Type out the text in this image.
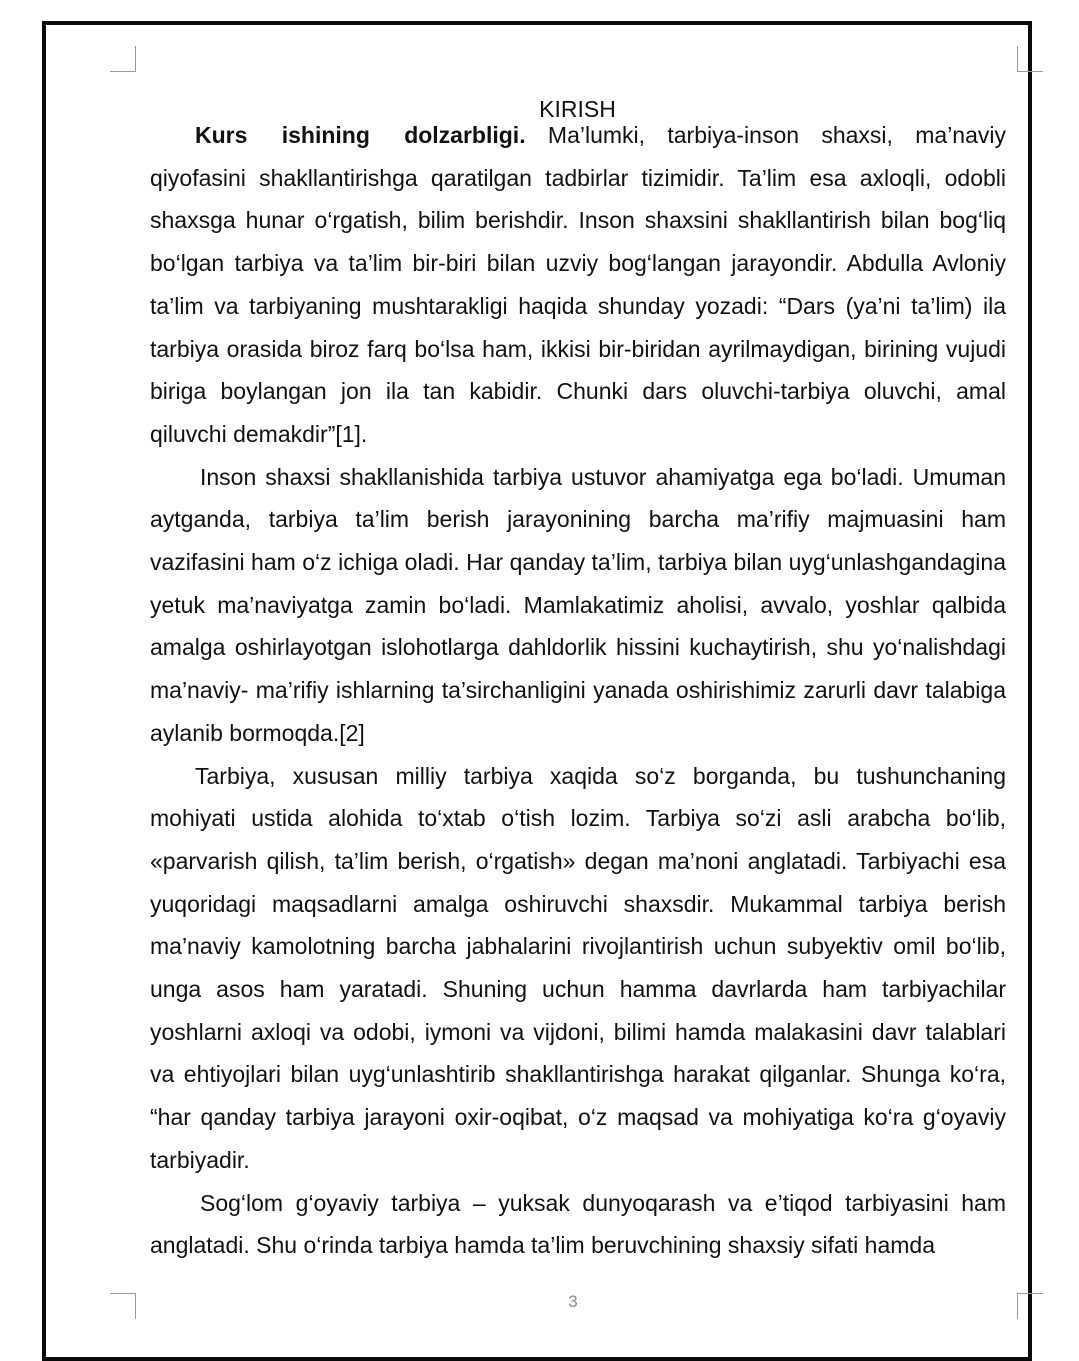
KIRISH

Kurs ishining dolzarbligi. Ma’lumki, tarbiya-inson shaxsi, ma’naviy qiyofasini shakllantirishga qaratilgan tadbirlar tizimidir. Ta’lim esa axloqli, odobli shaxsga hunar o‘rgatish, bilim berishdir. Inson shaxsini shakllantirish bilan bog‘liq bo‘lgan tarbiya va ta’lim bir-biri bilan uzviy bog‘langan jarayondir. Abdulla Avloniy ta’lim va tarbiyaning mushtarakligi haqida shunday yozadi: “Dars (ya’ni ta’lim) ila tarbiya orasida biroz farq bo‘lsa ham, ikkisi bir-biridan ayrilmaydigan, birining vujudi biriga boylangan jon ila tan kabidir. Chunki dars oluvchi-tarbiya oluvchi, amal qiluvchi demakdir”[1].

Inson shaxsi shakllanishida tarbiya ustuvor ahamiyatga ega bo‘ladi. Umuman aytganda, tarbiya ta’lim berish jarayonining barcha ma’rifiy majmuasini ham vazifasini ham o‘z ichiga oladi. Har qanday ta’lim, tarbiya bilan uyg‘unlashgandagina yetuk ma’naviyatga zamin bo‘ladi. Mamlakatimiz aholisi, avvalo, yoshlar qalbida amalga oshirlayotgan islohotlarga dahldorlik hissini kuchaytirish, shu yo‘nalishdagi ma’naviy- ma’rifiy ishlarning ta’sirchanligini yanada oshirishimiz zarurli davr talabiga aylanib bormoqda.[2]

Tarbiya, xususan milliy tarbiya xaqida so‘z borganda, bu tushunchaning mohiyati ustida alohida to‘xtab o‘tish lozim. Tarbiya so‘zi asli arabcha bo‘lib, «parvarish qilish, ta’lim berish, o‘rgatish» degan ma’noni anglatadi. Tarbiyachi esa yuqoridagi maqsadlarni amalga oshiruvchi shaxsdir. Mukammal tarbiya berish ma’naviy kamolotning barcha jabhalarini rivojlantirish uchun subyektiv omil bo‘lib, unga asos ham yaratadi. Shuning uchun hamma davrlarda ham tarbiyachilar yoshlarni axloqi va odobi, iymoni va vijdoni, bilimi hamda malakasini davr talablari va ehtiyojlari bilan uyg‘unlashtirib shakllantirishga harakat qilganlar. Shunga ko‘ra, “har qanday tarbiya jarayoni oxir-oqibat, o‘z maqsad va mohiyatiga ko‘ra g‘oyaviy tarbiyadir.

Sog‘lom g‘oyaviy tarbiya – yuksak dunyoqarash va e’tiqod tarbiyasini ham anglatadi. Shu o‘rinda tarbiya hamda ta’lim beruvchining shaxsiy sifati hamda

3
